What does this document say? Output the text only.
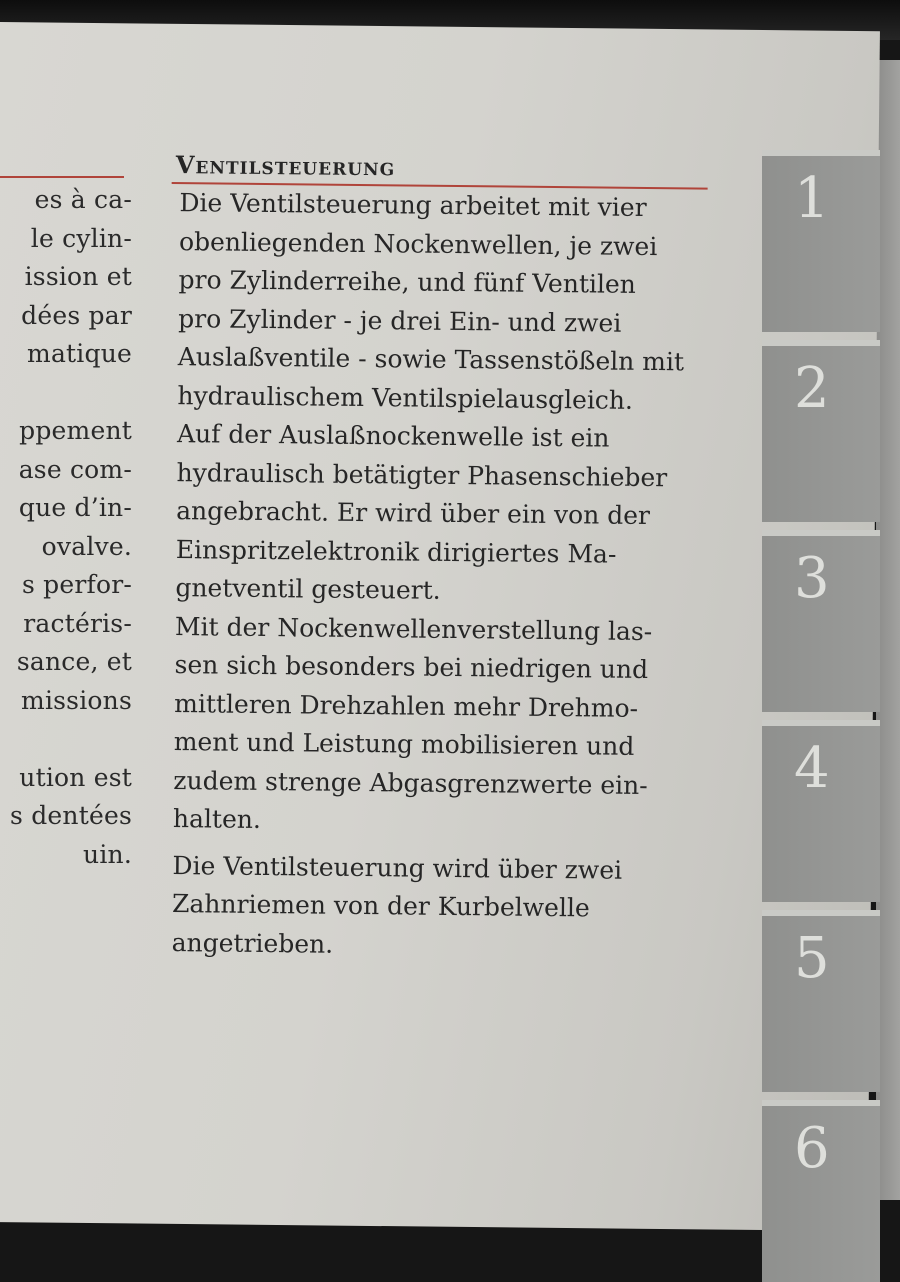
es à ca-
le cylin-
ission et
dées par
matique
ppement
ase com-
que d’in-
ovalve.
s perfor-
ractéris-
sance, et
missions
ution est
s dentées
uin.
Ventilsteuerung

Die Ventilsteuerung arbeitet mit vier
obenliegenden Nockenwellen, je zwei
pro Zylinderreihe, und fünf Ventilen
pro Zylinder - je drei Ein- und zwei
Auslaßventile - sowie Tassenstößeln mit
hydraulischem Ventilspielausgleich.

Auf der Auslaßnockenwelle ist ein
hydraulisch betätigter Phasenschieber
angebracht. Er wird über ein von der
Einspritzelektronik dirigiertes Ma-
gnetventil gesteuert.

Mit der Nockenwellenverstellung las-
sen sich besonders bei niedrigen und
mittleren Drehzahlen mehr Drehmo-
ment und Leistung mobilisieren und
zudem strenge Abgasgrenzwerte ein-
halten.

Die Ventilsteuerung wird über zwei
Zahnriemen von der Kurbelwelle
angetrieben.

1
2
3
4
5
6
